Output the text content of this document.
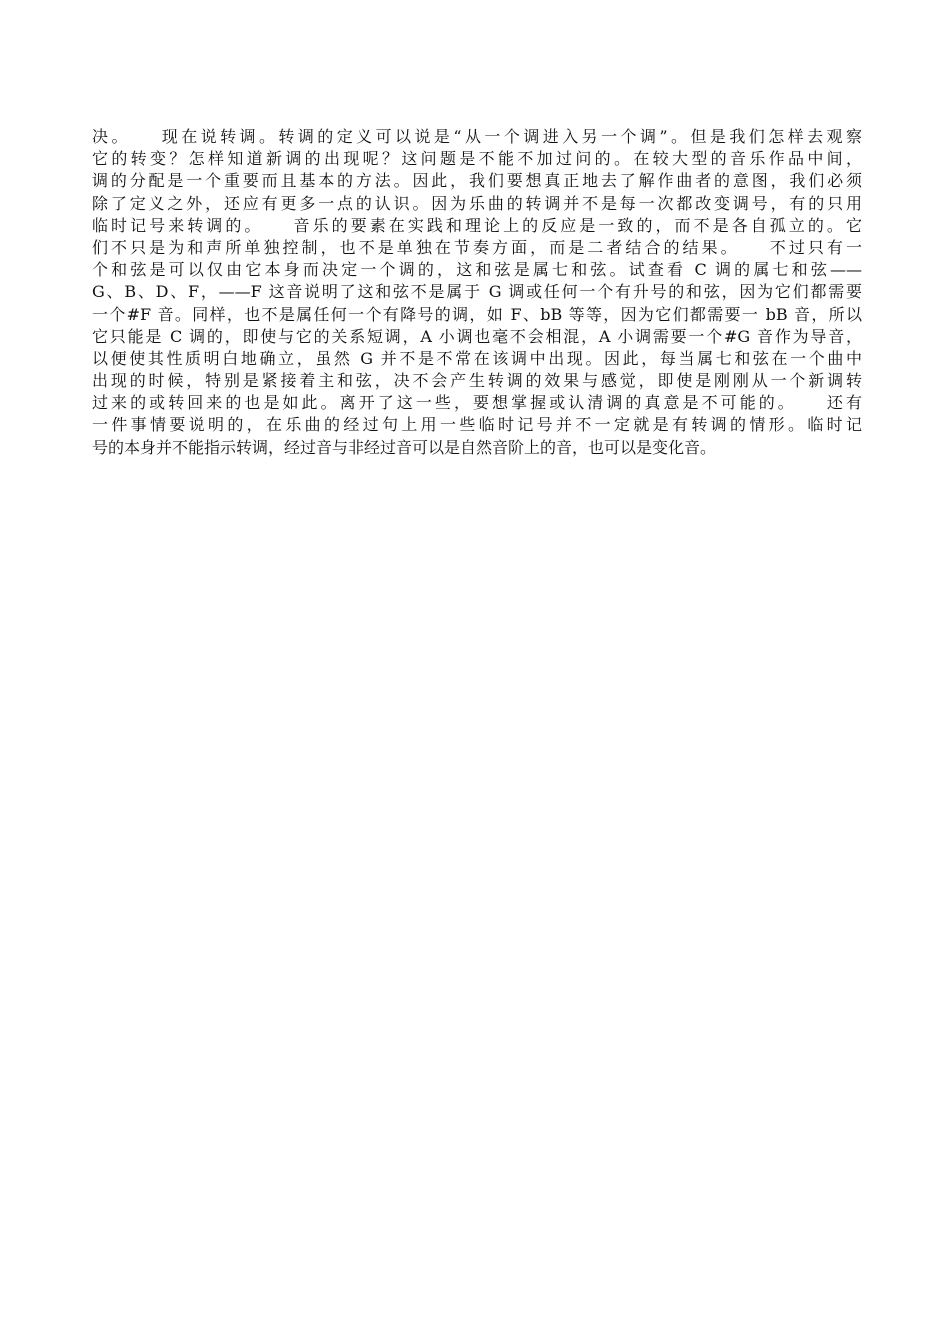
决。　　现在说转调。转调的定义可以说是“从一个调进入另一个调”。但是我们怎样去观察
它的转变？怎样知道新调的出现呢？这问题是不能不加过问的。在较大型的音乐作品中间，
调的分配是一个重要而且基本的方法。因此，我们要想真正地去了解作曲者的意图，我们必须
除了定义之外，还应有更多一点的认识。因为乐曲的转调并不是每一次都改变调号，有的只用
临时记号来转调的。　　音乐的要素在实践和理论上的反应是一致的，而不是各自孤立的。它
们不只是为和声所单独控制，也不是单独在节奏方面，而是二者结合的结果。　　不过只有一
个和弦是可以仅由它本身而决定一个调的，这和弦是属七和弦。试查看 C 调的属七和弦——
G、B、D、F，——F 这音说明了这和弦不是属于 G 调或任何一个有升号的和弦，因为它们都需要
一个#F 音。同样，也不是属任何一个有降号的调，如 F、bB 等等，因为它们都需要一 bB 音，所以
它只能是 C 调的，即使与它的关系短调，A 小调也毫不会相混，A 小调需要一个#G 音作为导音，
以便使其性质明白地确立，虽然 G 并不是不常在该调中出现。因此，每当属七和弦在一个曲中
出现的时候，特别是紧接着主和弦，决不会产生转调的效果与感觉，即使是刚刚从一个新调转
过来的或转回来的也是如此。离开了这一些，要想掌握或认清调的真意是不可能的。　　还有
一件事情要说明的，在乐曲的经过句上用一些临时记号并不一定就是有转调的情形。临时记
号的本身并不能指示转调，经过音与非经过音可以是自然音阶上的音，也可以是变化音。
